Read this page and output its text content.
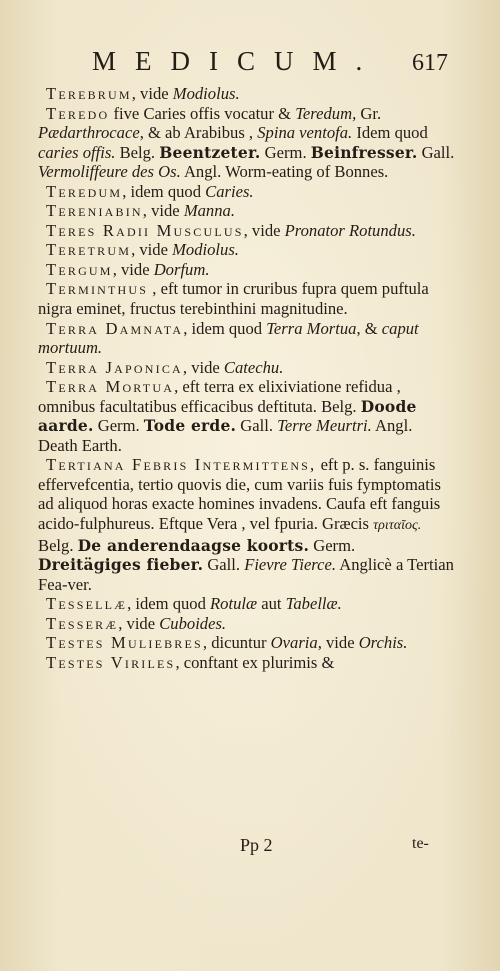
MEDICUM. 617

Terebrum, vide Modiolus.

Teredo five Caries offis vocatur & Teredum, Gr. Pædarthrocace, & ab Arabibus , Spina ventofa. Idem quod caries offis. Belg. Beentzeter. Germ. Beinfresser. Gall. Vermoliffeure des Os. Angl. Worm-eating of Bonnes.

Teredum, idem quod Caries.

Tereniabin, vide Manna.

Teres Radii Musculus, vide Pronator Rotundus.

Teretrum, vide Modiolus.

Tergum, vide Dorfum.

Terminthus , eft tumor in cruribus fupra quem puftula nigra eminet, fructus terebinthini magnitudine.

Terra Damnata, idem quod Terra Mortua, & caput mortuum.

Terra Japonica, vide Catechu.

Terra Mortua, eft terra ex elixiviatione refidua , omnibus facultatibus efficacibus deftituta. Belg. Doode aarde. Germ. Tode erde. Gall. Terre Meurtri. Angl. Death Earth.

Tertiana Febris Intermittens, eft p. s. fanguinis effervefcentia, tertio quovis die, cum variis fuis fymptomatis ad aliquod horas exacte homines invadens. Caufa eft fanguis acido-fulphureus. Eftque Vera , vel fpuria. Græcis τριταῖος. Belg. De anderendaagse koorts. Germ. Dreitägiges fieber. Gall. Fievre Tierce. Anglicè a Tertian Fea-ver.

Tessellæ, idem quod Rotulæ aut Tabellæ.

Tesseræ, vide Cuboides.

Testes Muliebres, dicuntur Ovaria, vide Orchis.

Testes Viriles, conftant ex plurimis &

Pp 2	te-
